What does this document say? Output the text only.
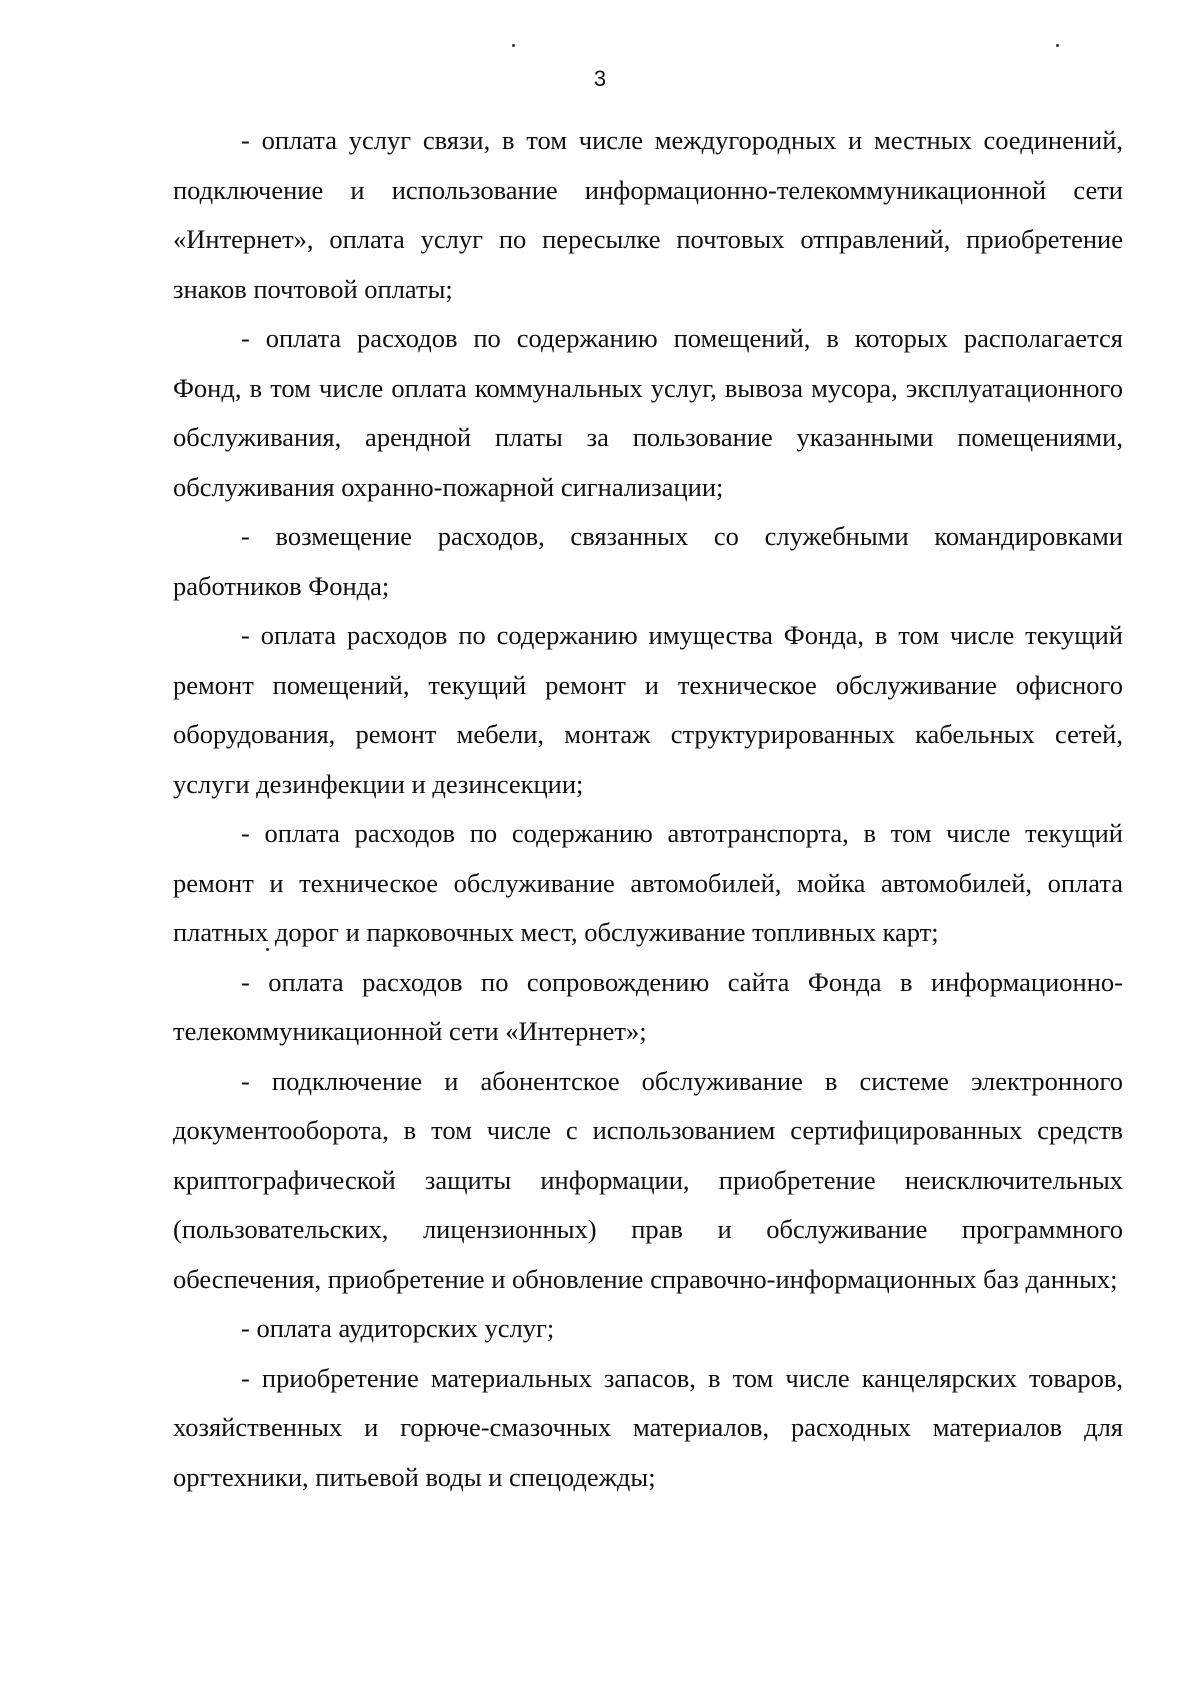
3

- оплата услуг связи, в том числе междугородных и местных соединений, подключение и использование информационно-телекоммуникационной сети «Интернет», оплата услуг по пересылке почтовых отправлений, приобретение знаков почтовой оплаты;

- оплата расходов по содержанию помещений, в которых располагается Фонд, в том числе оплата коммунальных услуг, вывоза мусора, эксплуатационного обслуживания, арендной платы за пользование указанными помещениями, обслуживания охранно-пожарной сигнализации;

- возмещение расходов, связанных со служебными командировками работников Фонда;

- оплата расходов по содержанию имущества Фонда, в том числе текущий ремонт помещений, текущий ремонт и техническое обслуживание офисного оборудования, ремонт мебели, монтаж структурированных кабельных сетей, услуги дезинфекции и дезинсекции;

- оплата расходов по содержанию автотранспорта, в том числе текущий ремонт и техническое обслуживание автомобилей, мойка автомобилей, оплата платных дорог и парковочных мест, обслуживание топливных карт;

- оплата расходов по сопровождению сайта Фонда в информационно-телекоммуникационной сети «Интернет»;

- подключение и абонентское обслуживание в системе электронного документооборота, в том числе с использованием сертифицированных средств криптографической защиты информации, приобретение неисключительных (пользовательских, лицензионных) прав и обслуживание программного обеспечения, приобретение и обновление справочно-информационных баз данных;

- оплата аудиторских услуг;

- приобретение материальных запасов, в том числе канцелярских товаров, хозяйственных и горюче-смазочных материалов, расходных материалов для оргтехники, питьевой воды и спецодежды;
